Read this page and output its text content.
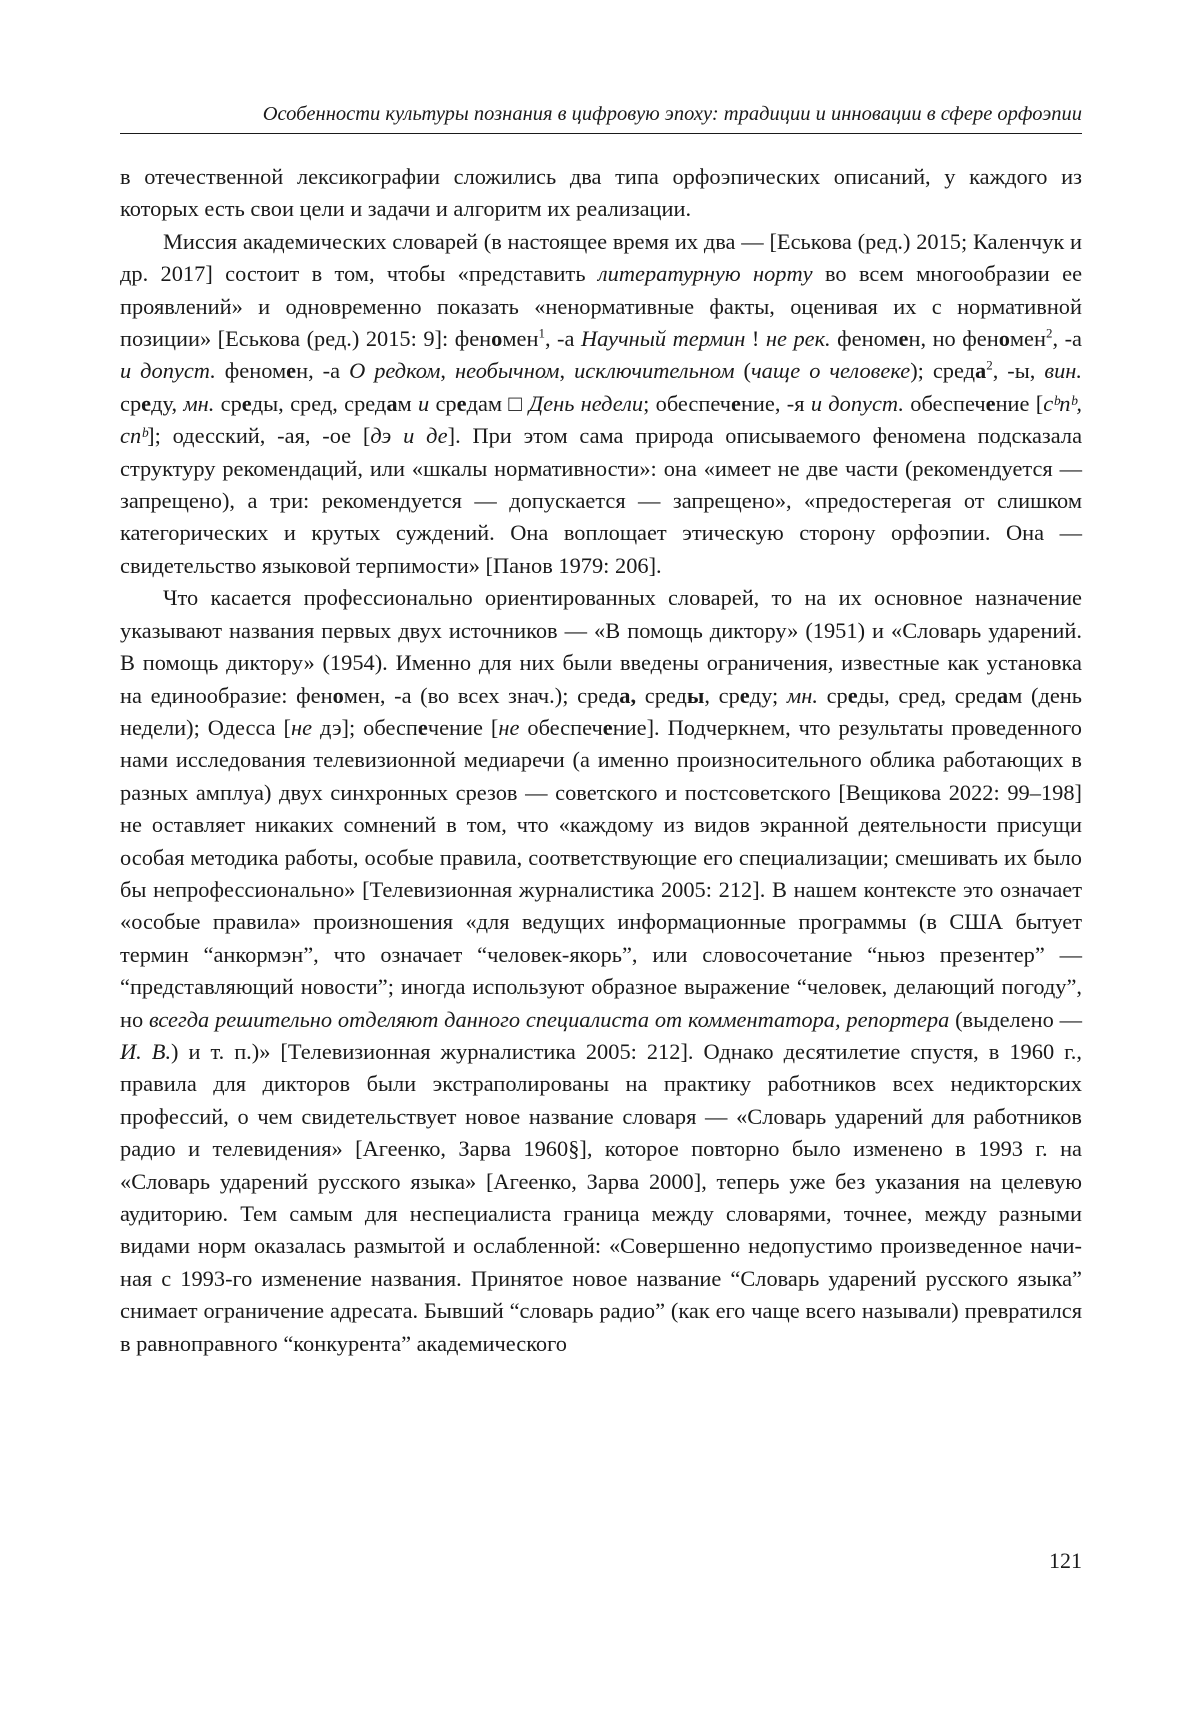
Особенности культуры познания в цифровую эпоху: традиции и инновации в сфере орфоэпии

в отечественной лексикографии сложились два типа орфоэпических описаний, у каждого из которых есть свои цели и задачи и алгоритм их реализации.

Миссия академических словарей (в настоящее время их два — [Еськова (ред.) 2015; Каленчук и др. 2017] состоит в том, чтобы «представить литературную норmу во всем многообразии ее проявлений» и одновременно показать «ненормативные факты, оценивая их с нормативной позиции» [Еськова (ред.) 2015: 9]: феномен$^1$, -а Научный термин ! не рек. феномен, но феномен$^2$, -а и допуст. феномен, -а О редком, необычном, исключительном (чаще о человеке); среда$^2$, -ы, вин. среду, мн. среды, сред, средам и средам □ День недели; обеспечение, -я и допуст. обеспечение [сᵇпᵇ, спᵇ]; одесский, -ая, -ое [дэ и де]. При этом сама природа описываемого феномена подсказала структуру рекомендаций, или «шкалы нормативности»: она «имеет не две части (рекомендуется — запрещено), а три: рекомендуется — допускается — запрещено», «предостерегая от слишком категорических и крутых суждений. Она воплощает этическую сторону орфоэпии. Она — свидетельство языковой терпимости» [Панов 1979: 206].

Что касается профессионально ориентированных словарей, то на их основное назначение указывают названия первых двух источников — «В помощь диктору» (1951) и «Словарь ударений. В помощь диктору» (1954). Именно для них были введены ограничения, известные как установка на единообразие: феномен, -а (во всех знач.); среда, среды, среду; мн. среды, сред, средам (день недели); Одесса [не дэ]; обеспечение [не обеспечение]. Подчеркнем, что результаты проведенного нами исследования телевизионной медиаречи (а именно произносительного облика работающих в разных амплуа) двух синхронных срезов — советского и постсоветского [Вещикова 2022: 99–198] не оставляет никаких сомнений в том, что «каждому из видов экранной деятельности присущи особая методика работы, особые правила, соответствующие его специализации; смешивать их было бы непрофессионально» [Телевизионная журналистика 2005: 212]. В нашем контексте это означает «особые правила» произношения «для ведущих информационные программы (в США бытует термин “анкормэн”, что означает “человек-якорь”, или словосочетание “ньюз презентер” — “представляющий новости”; иногда используют образное выражение “человек, делающий погоду”, но всегда решительно отделяют данного специалиста от комментатора, репортера (выделено — И. В.) и т. п.)» [Телевизионная журналистика 2005: 212]. Однако десятилетие спустя, в 1960 г., правила для дикторов были экстраполированы на практику работников всех недикторских профессий, о чем свидетельствует новое название словаря — «Словарь ударений для работников радио и телевидения» [Агеенко, Зарва 1960§], которое повторно было изменено в 1993 г. на «Словарь ударений русского языка» [Агеенко, Зарва 2000], теперь уже без указания на целевую аудиторию. Тем самым для неспециалиста граница между словарями, точнее, между разными видами норм оказалась размытой и ослабленной: «Совершенно недопустимо произведенное начиная с 1993-го изменение названия. Принятое новое название “Словарь ударений русского языка” снимает ограничение адресата. Бывший “словарь радио” (как его чаще всего называли) превратился в равноправного “конкурента” академического

121
